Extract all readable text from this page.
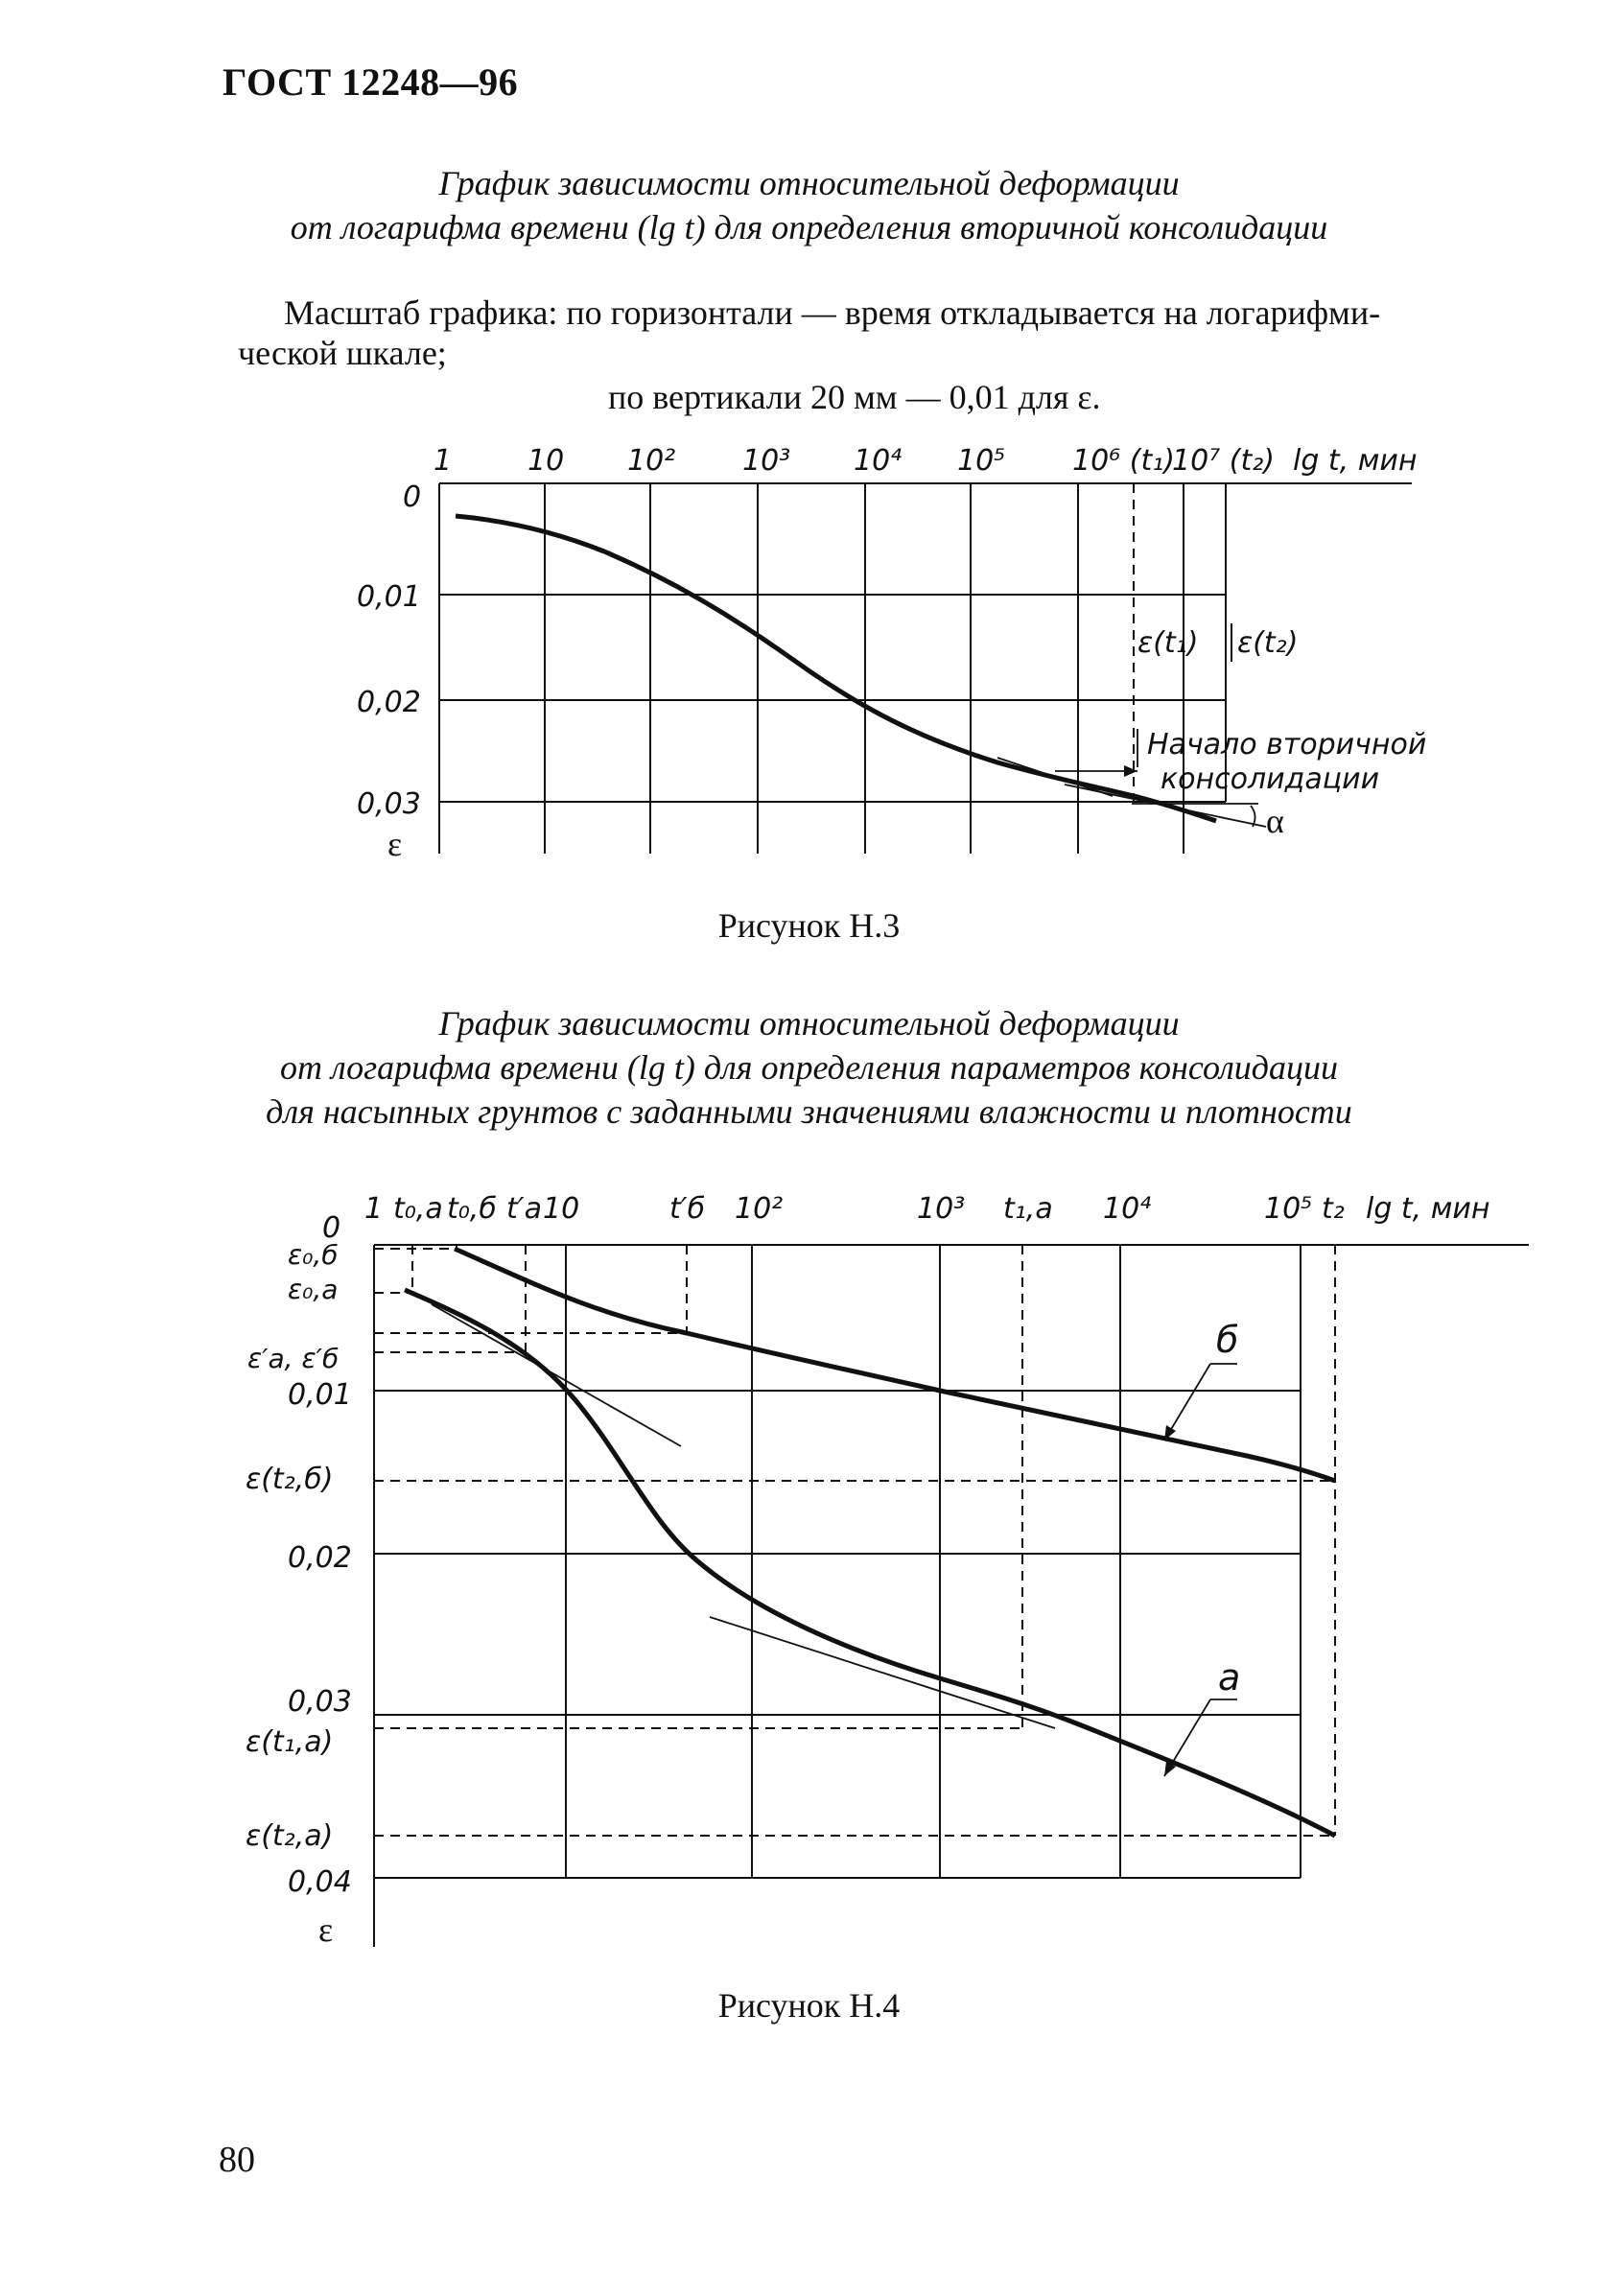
ГОСТ 12248—96
График зависимости относительной деформации
от логарифма времени (lg t) для определения вторичной консолидации
Масштаб графика: по горизонтали — время откладывается на логарифми-
ческой шкале;
по вертикали 20 мм — 0,01 для ε.
1	10 10² 10³ 10⁴ 10⁵ 10⁶ (t₁)
10⁷ (t₂) lg t, мин
0
0,01
0,02
0,03
ε
ε(t₁) ε(t₂)
Начало вторичной
консолидации
α
Рисунок Н.3
График зависимости относительной деформации
от логарифма времени (lg t) для определения параметров консолидации
для насыпных грунтов с заданными значениями влажности и плотности
1 t₀,а t₀,б t′а 10	t′б 10²	10³ t₁,а 10⁴	10⁵ t₂ lg t, мин
0
ε₀,б
ε₀,а
ε′а, ε′б
0,01
ε(t₂,б)
0,02
0,03
ε(t₁,а)
ε(t₂,а)
0,04
ε
б
а
Рисунок Н.4
80
